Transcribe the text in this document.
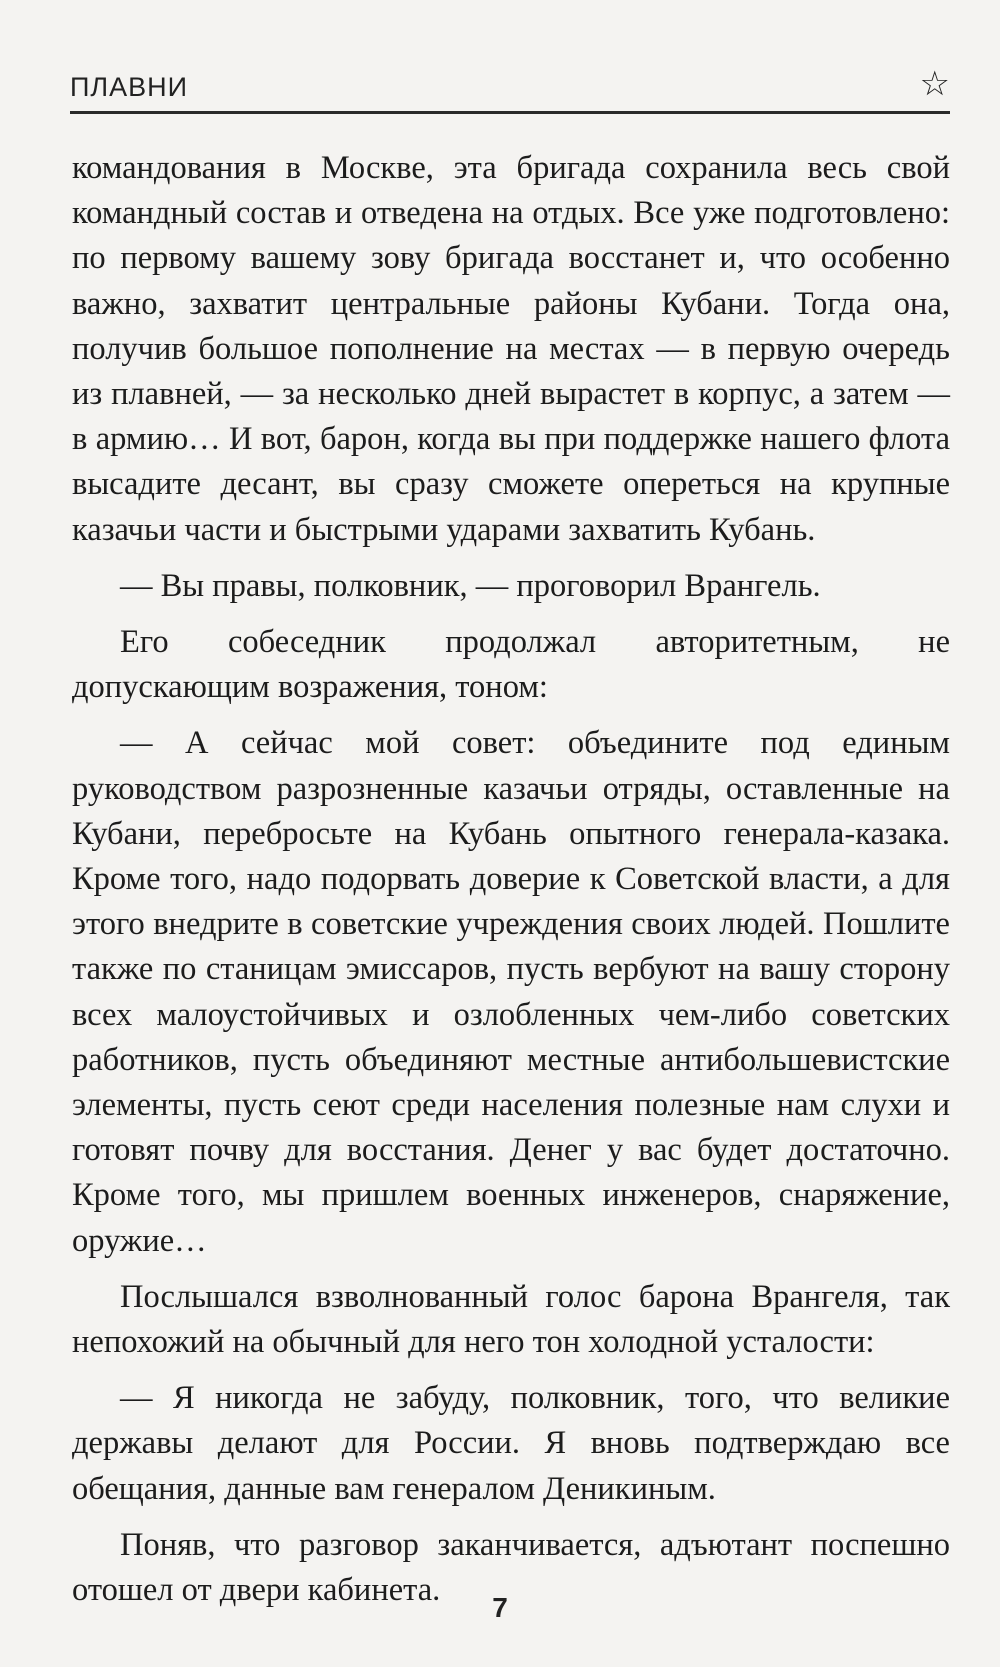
ПЛАВНИ	☆

командования в Москве, эта бригада сохранила весь свой командный состав и отведена на отдых. Все уже подготовлено: по первому вашему зову бригада восстанет и, что особенно важно, захватит центральные районы Кубани. Тогда она, получив большое пополнение на местах — в первую очередь из плавней, — за несколько дней вырастет в корпус, а затем — в армию… И вот, барон, когда вы при поддержке нашего флота высадите десант, вы сразу сможете опереться на крупные казачьи части и быстрыми ударами захватить Кубань.

— Вы правы, полковник, — проговорил Врангель.

Его собеседник продолжал авторитетным, не допускающим возражения, тоном:

— А сейчас мой совет: объедините под единым руководством разрозненные казачьи отряды, оставленные на Кубани, перебросьте на Кубань опытного генерала-казака. Кроме того, надо подорвать доверие к Советской власти, а для этого внедрите в советские учреждения своих людей. Пошлите также по станицам эмиссаров, пусть вербуют на вашу сторону всех малоустойчивых и озлобленных чем-либо советских работников, пусть объединяют местные антибольшевистские элементы, пусть сеют среди населения полезные нам слухи и готовят почву для восстания. Денег у вас будет достаточно. Кроме того, мы пришлем военных инженеров, снаряжение, оружие…

Послышался взволнованный голос барона Врангеля, так непохожий на обычный для него тон холодной усталости:

— Я никогда не забуду, полковник, того, что великие державы делают для России. Я вновь подтверждаю все обещания, данные вам генералом Деникиным.

Поняв, что разговор заканчивается, адъютант поспешно отошел от двери кабинета.	7
